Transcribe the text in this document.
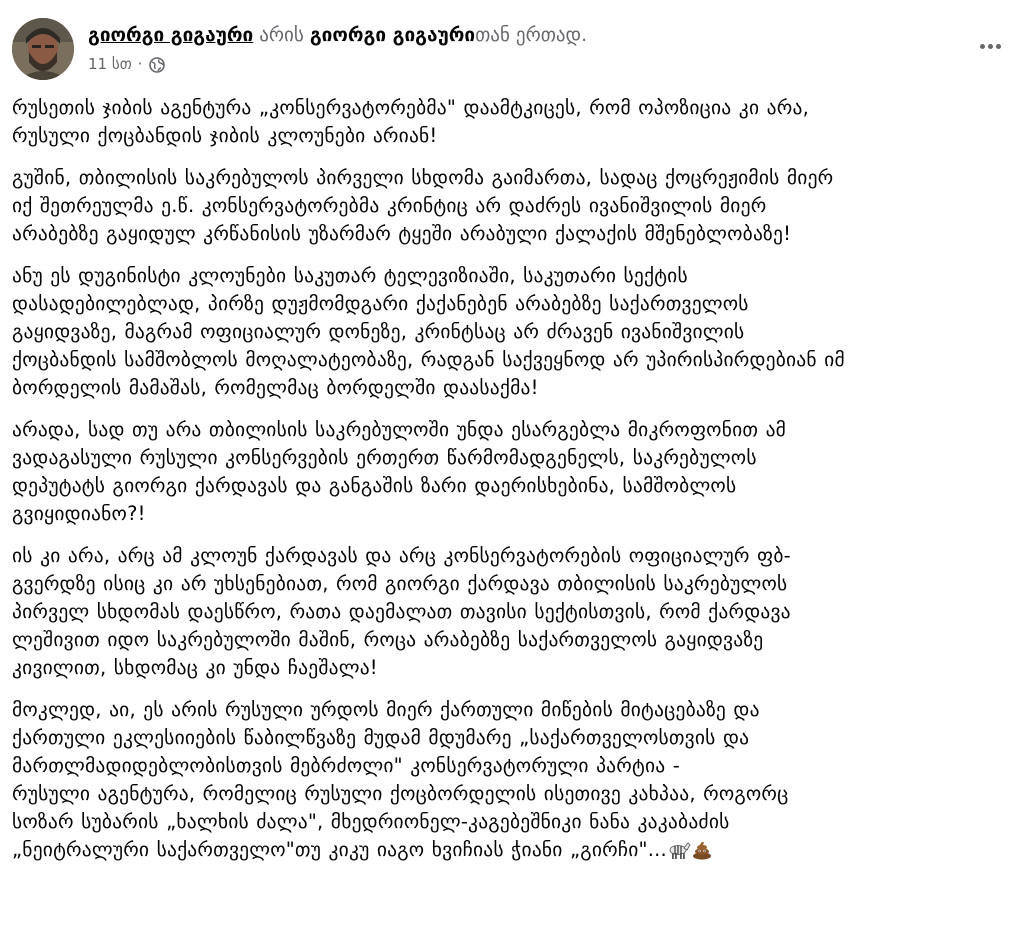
გიორგი გიგაური არის გიორგი გიგაურითან ერთად.
11 სთ ·

რუსეთის ჯიბის აგენტურა „კონსერვატორებმა" დაამტკიცეს, რომ ოპოზიცია კი არა,
რუსული ქოცბანდის ჯიბის კლოუნები არიან!

გუშინ, თბილისის საკრებულოს პირველი სხდომა გაიმართა, სადაც ქოცრეჟიმის მიერ
იქ შეთრეულმა ე.წ. კონსერვატორებმა კრინტიც არ დაძრეს ივანიშვილის მიერ
არაბებზე გაყიდულ კრწანისის უზარმარ ტყეში არაბული ქალაქის მშენებლობაზე!

ანუ ეს დუგინისტი კლოუნები საკუთარ ტელევიზიაში, საკუთარი სექტის
დასადებილებლად, პირზე დუჟმომდგარი ქაქანებენ არაბებზე საქართველოს
გაყიდვაზე, მაგრამ ოფიციალურ დონეზე, კრინტსაც არ ძრავენ ივანიშვილის
ქოცბანდის სამშობლოს მოღალატეობაზე, რადგან საქვეყნოდ არ უპირისპირდებიან იმ
ბორდელის მამაშას, რომელმაც ბორდელში დაასაქმა!

არადა, სად თუ არა თბილისის საკრებულოში უნდა ესარგებლა მიკროფონით ამ
ვადაგასული რუსული კონსერვების ერთერთ წარმომადგენელს, საკრებულოს
დეპუტატს გიორგი ქარდავას და განგაშის ზარი დაერისხებინა, სამშობლოს
გვიყიდიანო?!

ის კი არა, არც ამ კლოუნ ქარდავას და არც კონსერვატორების ოფიციალურ ფბ-
გვერდზე ისიც კი არ უხსენებიათ, რომ გიორგი ქარდავა თბილისის საკრებულოს
პირველ სხდომას დაესწრო, რათა დაემალათ თავისი სექტისთვის, რომ ქარდავა
ლეშივით იდო საკრებულოში მაშინ, როცა არაბებზე საქართველოს გაყიდვაზე
კივილით, სხდომაც კი უნდა ჩაეშალა!

მოკლედ, აი, ეს არის რუსული ურდოს მიერ ქართული მიწების მიტაცებაზე და
ქართული ეკლესიიების წაბილწვაზე მუდამ მდუმარე „საქართველოსთვის და
მართლმადიდებლობისთვის მებრძოლი" კონსერვატორული პარტია -
რუსული აგენტურა, რომელიც რუსული ქოცბორდელის ისეთივე კახპაა, როგორც
სოზარ სუბარის „ხალხის ძალა", მხედრიონელ-კაგებეშნიკი ნანა კაკაბაძის
„ნეიტრალური საქართველო"თუ კიკუ იაგო ხვიჩიას ჭიანი „გირჩი"...
